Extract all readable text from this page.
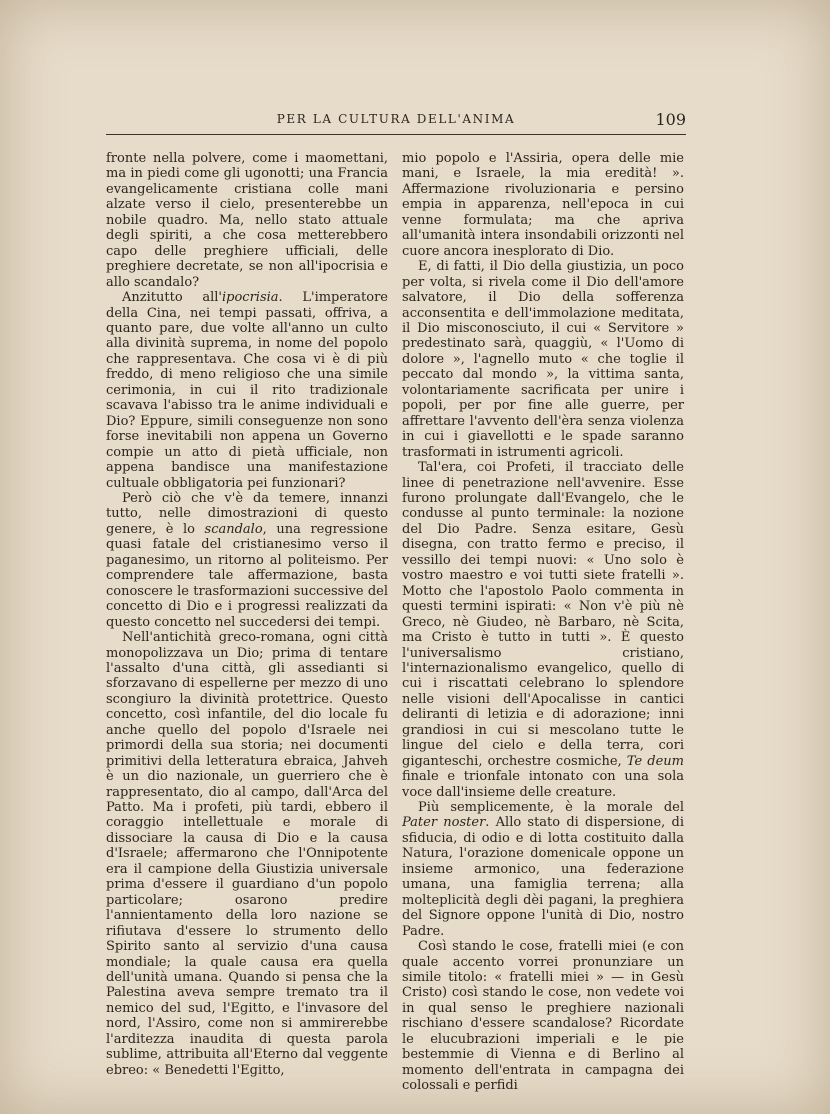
PER LA CULTURA DELL'ANIMA	109

fronte nella polvere, come i maomettani, ma in piedi come gli ugonotti; una Francia evangelicamente cristiana colle mani alzate verso il cielo, presenterebbe un nobile quadro. Ma, nello stato attuale degli spiriti, a che cosa metterebbero capo delle preghiere ufficiali, delle preghiere decretate, se non all'ipocrisia e allo scandalo?

Anzitutto all'ipocrisia. L'imperatore della Cina, nei tempi passati, offriva, a quanto pare, due volte all'anno un culto alla divinità suprema, in nome del popolo che rappresentava. Che cosa vi è di più freddo, di meno religioso che una simile cerimonia, in cui il rito tradizionale scavava l'abisso tra le anime individuali e Dio? Eppure, simili conseguenze non sono forse inevitabili non appena un Governo compie un atto di pietà ufficiale, non appena bandisce una manifestazione cultuale obbligatoria pei funzionari?

Però ciò che v'è da temere, innanzi tutto, nelle dimostrazioni di questo genere, è lo scandalo, una regressione quasi fatale del cristianesimo verso il paganesimo, un ritorno al politeismo. Per comprendere tale affermazione, basta conoscere le trasformazioni successive del concetto di Dio e i progressi realizzati da questo concetto nel succedersi dei tempi.

Nell'antichità greco-romana, ogni città monopolizzava un Dio; prima di tentare l'assalto d'una città, gli assedianti si sforzavano di espellerne per mezzo di uno scongiuro la divinità protettrice. Questo concetto, così infantile, del dio locale fu anche quello del popolo d'Israele nei primordi della sua storia; nei documenti primitivi della letteratura ebraica, Jahveh è un dio nazionale, un guerriero che è rappresentato, dio al campo, dall'Arca del Patto. Ma i profeti, più tardi, ebbero il coraggio intellettuale e morale di dissociare la causa di Dio e la causa d'Israele; affermarono che l'Onnipotente era il campione della Giustizia universale prima d'essere il guardiano d'un popolo particolare; osarono predire l'annientamento della loro nazione se rifiutava d'essere lo strumento dello Spirito santo al servizio d'una causa mondiale; la quale causa era quella dell'unità umana. Quando si pensa che la Palestina aveva sempre tremato tra il nemico del sud, l'Egitto, e l'invasore del nord, l'Assiro, come non si ammirerebbe l'arditezza inaudita di questa parola sublime, attribuita all'Eterno dal veggente ebreo: « Benedetti l'Egitto,

mio popolo e l'Assiria, opera delle mie mani, e Israele, la mia eredità! ». Affermazione rivoluzionaria e persino empia in apparenza, nell'epoca in cui venne formulata; ma che apriva all'umanità intera insondabili orizzonti nel cuore ancora inesplorato di Dio.

E, di fatti, il Dio della giustizia, un poco per volta, si rivela come il Dio dell'amore salvatore, il Dio della sofferenza acconsentita e dell'immolazione meditata, il Dio misconosciuto, il cui « Servitore » predestinato sarà, quaggiù, « l'Uomo di dolore », l'agnello muto « che toglie il peccato dal mondo », la vittima santa, volontariamente sacrificata per unire i popoli, per por fine alle guerre, per affrettare l'avvento dell'èra senza violenza in cui i giavellotti e le spade saranno trasformati in istrumenti agricoli.

Tal'era, coi Profeti, il tracciato delle linee di penetrazione nell'avvenire. Esse furono prolungate dall'Evangelo, che le condusse al punto terminale: la nozione del Dio Padre. Senza esitare, Gesù disegna, con tratto fermo e preciso, il vessillo dei tempi nuovi: « Uno solo è vostro maestro e voi tutti siete fratelli ». Motto che l'apostolo Paolo commenta in questi termini ispirati: « Non v'è più nè Greco, nè Giudeo, nè Barbaro, nè Scita, ma Cristo è tutto in tutti ». È questo l'universalismo cristiano, l'internazionalismo evangelico, quello di cui i riscattati celebrano lo splendore nelle visioni dell'Apocalisse in cantici deliranti di letizia e di adorazione; inni grandiosi in cui si mescolano tutte le lingue del cielo e della terra, cori giganteschi, orchestre cosmiche, Te deum finale e trionfale intonato con una sola voce dall'insieme delle creature.

Più semplicemente, è la morale del Pater noster. Allo stato di dispersione, di sfiducia, di odio e di lotta costituito dalla Natura, l'orazione domenicale oppone un insieme armonico, una federazione umana, una famiglia terrena; alla molteplicità degli dèi pagani, la preghiera del Signore oppone l'unità di Dio, nostro Padre.

Così stando le cose, fratelli miei (e con quale accento vorrei pronunziare un simile titolo: « fratelli miei » — in Gesù Cristo) così stando le cose, non vedete voi in qual senso le preghiere nazionali rischiano d'essere scandalose? Ricordate le elucubrazioni imperiali e le pie bestemmie di Vienna e di Berlino al momento dell'entrata in campagna dei colossali e perfidi
